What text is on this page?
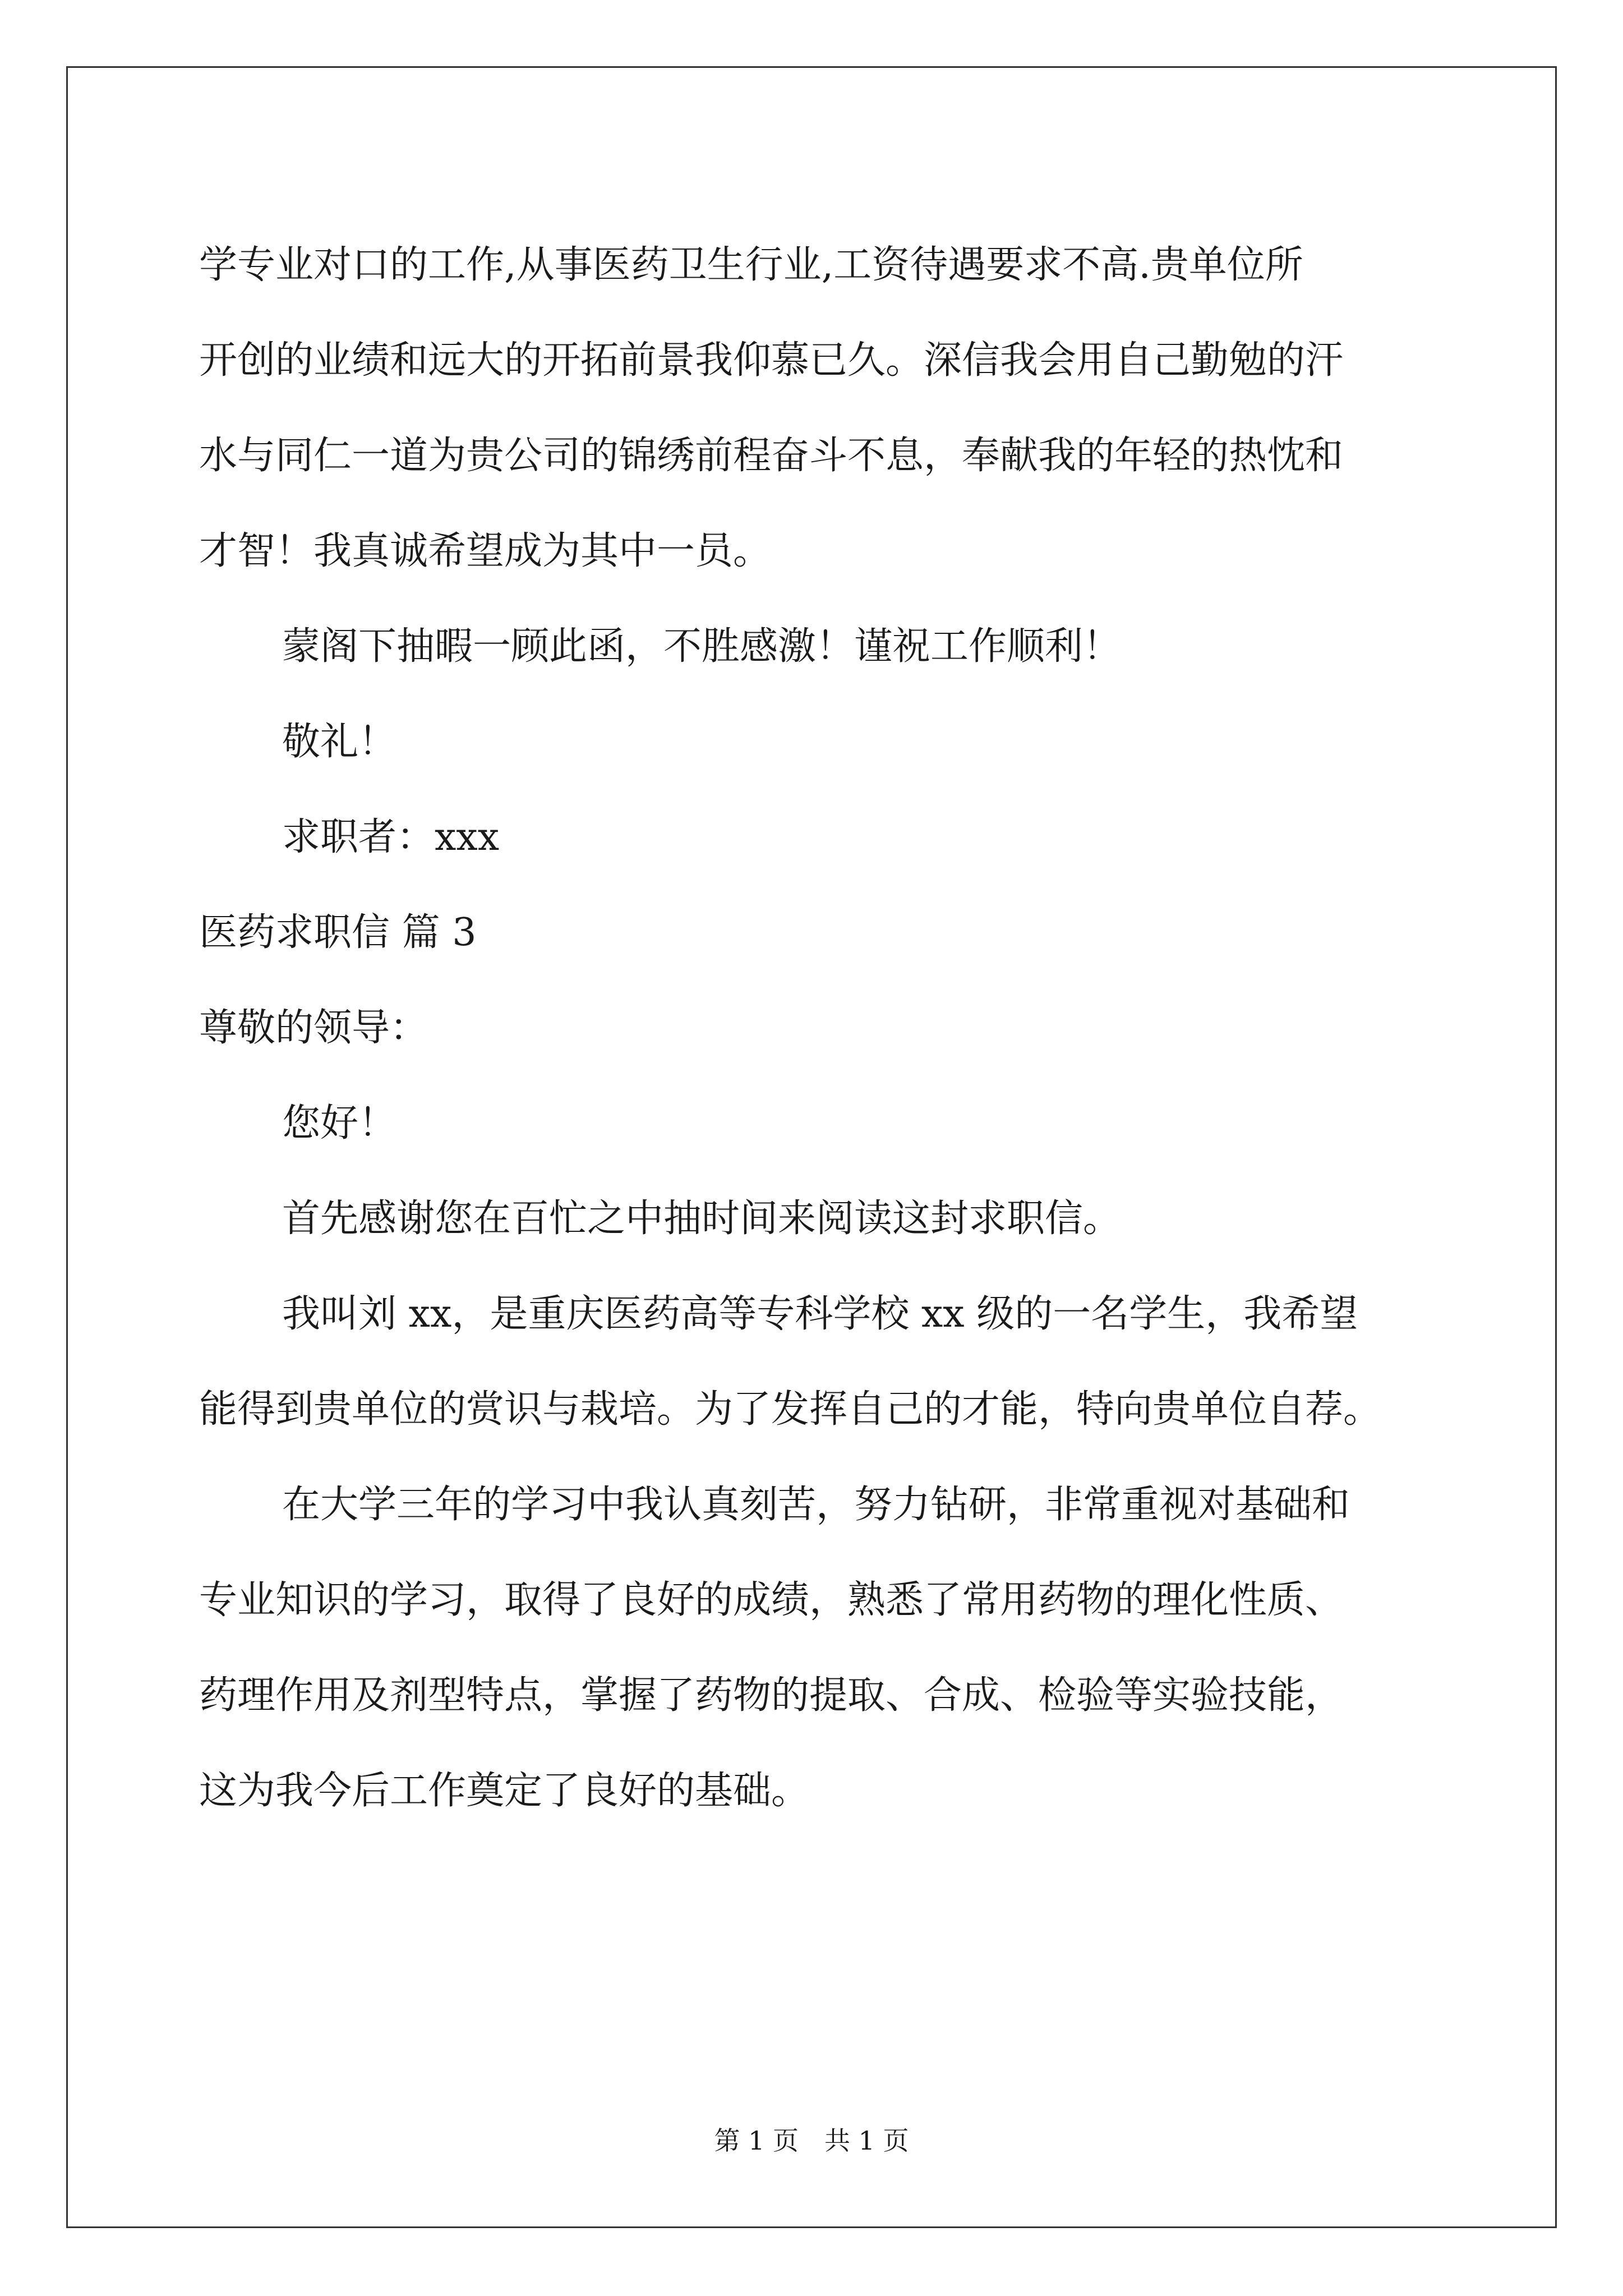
学专业对口的工作,从事医药卫生行业,工资待遇要求不高.贵单位所
开创的业绩和远大的开拓前景我仰慕已久。深信我会用自己勤勉的汗
水与同仁一道为贵公司的锦绣前程奋斗不息，奉献我的年轻的热忱和
才智！我真诚希望成为其中一员。
蒙阁下抽暇一顾此函，不胜感激！谨祝工作顺利！
敬礼！
求职者：xxx
医药求职信 篇 3
尊敬的领导：
您好！
首先感谢您在百忙之中抽时间来阅读这封求职信。
我叫刘 xx，是重庆医药高等专科学校 xx 级的一名学生，我希望
能得到贵单位的赏识与栽培。为了发挥自己的才能，特向贵单位自荐。
在大学三年的学习中我认真刻苦，努力钻研，非常重视对基础和
专业知识的学习，取得了良好的成绩，熟悉了常用药物的理化性质、
药理作用及剂型特点，掌握了药物的提取、合成、检验等实验技能，
这为我今后工作奠定了良好的基础。
第 1 页　共 1 页
